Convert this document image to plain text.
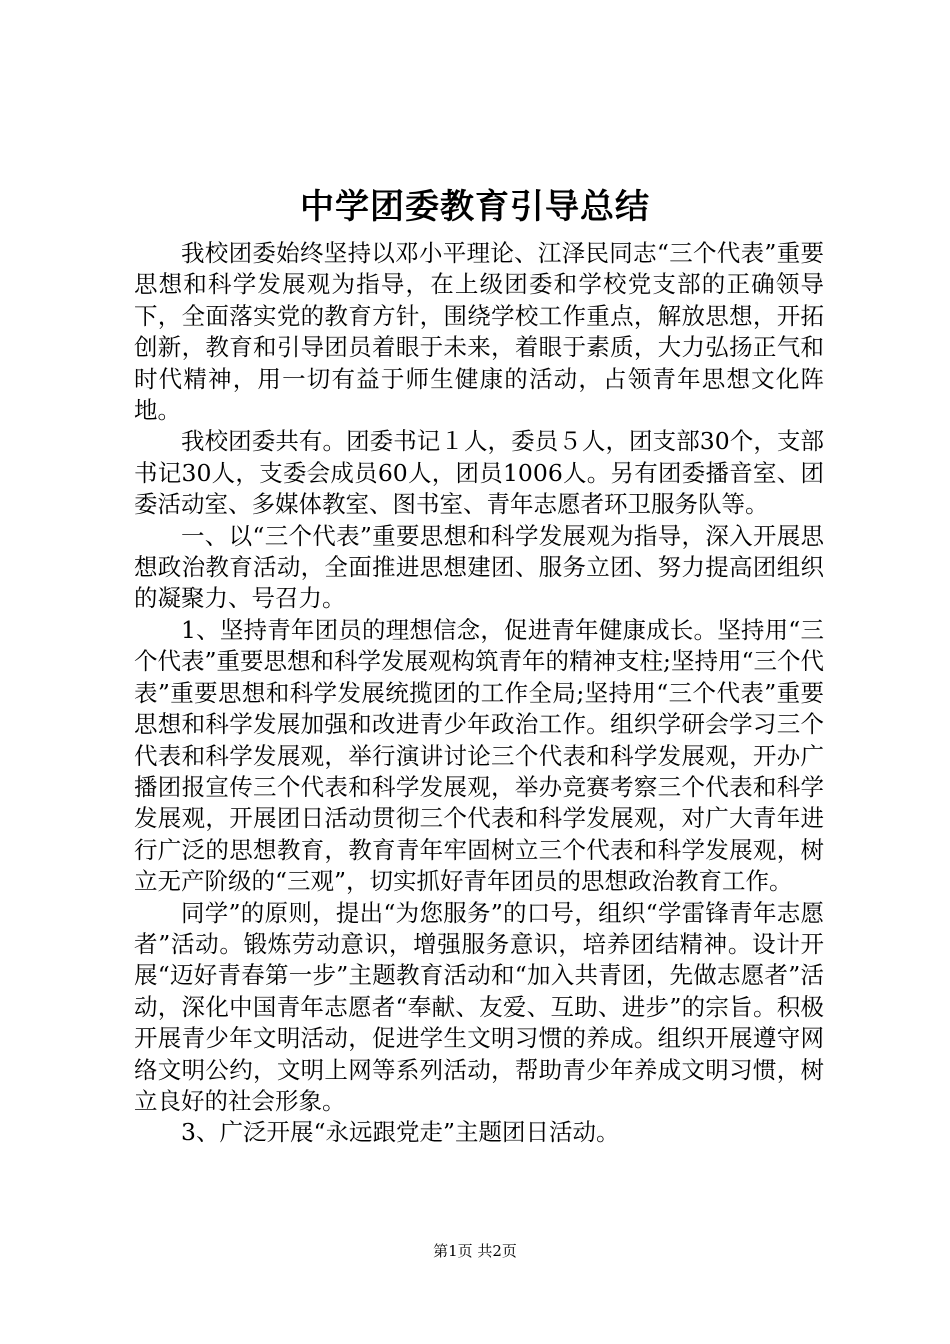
中学团委教育引导总结

我校团委始终坚持以邓小平理论、江泽民同志“三个代表”重要思想和科学发展观为指导，在上级团委和学校党支部的正确领导下，全面落实党的教育方针，围绕学校工作重点，解放思想，开拓创新，教育和引导团员着眼于未来，着眼于素质，大力弘扬正气和时代精神，用一切有益于师生健康的活动，占领青年思想文化阵地。

我校团委共有。团委书记１人，委员５人，团支部30个，支部书记30人，支委会成员60人，团员1006人。另有团委播音室、团委活动室、多媒体教室、图书室、青年志愿者环卫服务队等。

一、以“三个代表”重要思想和科学发展观为指导，深入开展思想政治教育活动，全面推进思想建团、服务立团、努力提高团组织的凝聚力、号召力。

1、坚持青年团员的理想信念，促进青年健康成长。坚持用“三个代表”重要思想和科学发展观构筑青年的精神支柱;坚持用“三个代表”重要思想和科学发展统揽团的工作全局;坚持用“三个代表”重要思想和科学发展加强和改进青少年政治工作。组织学研会学习三个代表和科学发展观，举行演讲讨论三个代表和科学发展观，开办广播团报宣传三个代表和科学发展观，举办竞赛考察三个代表和科学发展观，开展团日活动贯彻三个代表和科学发展观，对广大青年进行广泛的思想教育，教育青年牢固树立三个代表和科学发展观，树立无产阶级的“三观”，切实抓好青年团员的思想政治教育工作。

同学”的原则，提出“为您服务”的口号，组织“学雷锋青年志愿者”活动。锻炼劳动意识，增强服务意识，培养团结精神。设计开展“迈好青春第一步”主题教育活动和“加入共青团，先做志愿者”活动，深化中国青年志愿者“奉献、友爱、互助、进步”的宗旨。积极开展青少年文明活动，促进学生文明习惯的养成。组织开展遵守网络文明公约，文明上网等系列活动，帮助青少年养成文明习惯，树立良好的社会形象。

3、广泛开展“永远跟党走”主题团日活动。

第1页 共2页
